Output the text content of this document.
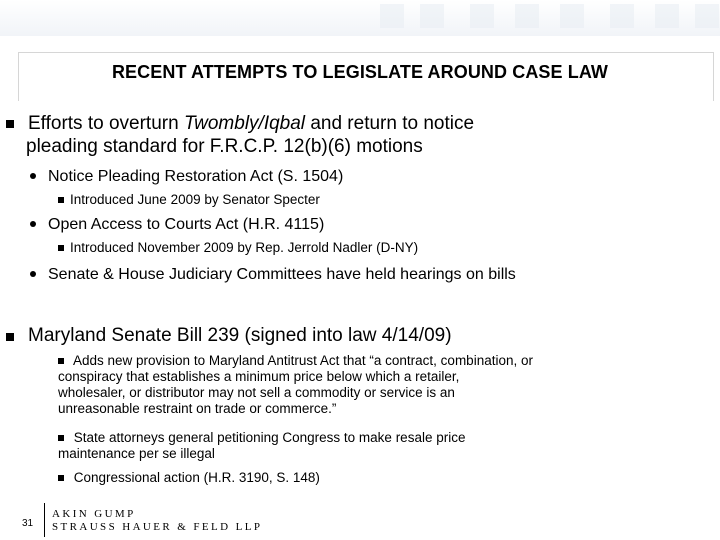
RECENT ATTEMPTS TO LEGISLATE AROUND CASE LAW
Efforts to overturn Twombly/Iqbal and return to notice
pleading standard for F.R.C.P. 12(b)(6) motions
Notice Pleading Restoration Act (S. 1504)
Introduced June 2009 by Senator Specter
Open Access to Courts Act (H.R. 4115)
Introduced November 2009 by Rep. Jerrold Nadler (D-NY)
Senate & House Judiciary Committees have held hearings on bills
Maryland Senate Bill 239 (signed into law 4/14/09)
Adds new provision to Maryland Antitrust Act that “a contract, combination, or
conspiracy that establishes a minimum price below which a retailer,
wholesaler, or distributor may not sell a commodity or service is an
unreasonable restraint on trade or commerce.”
State attorneys general petitioning Congress to make resale price
maintenance per se illegal
Congressional action (H.R. 3190, S. 148)
31
AKIN GUMP
STRAUSS HAUER & FELD LLP
